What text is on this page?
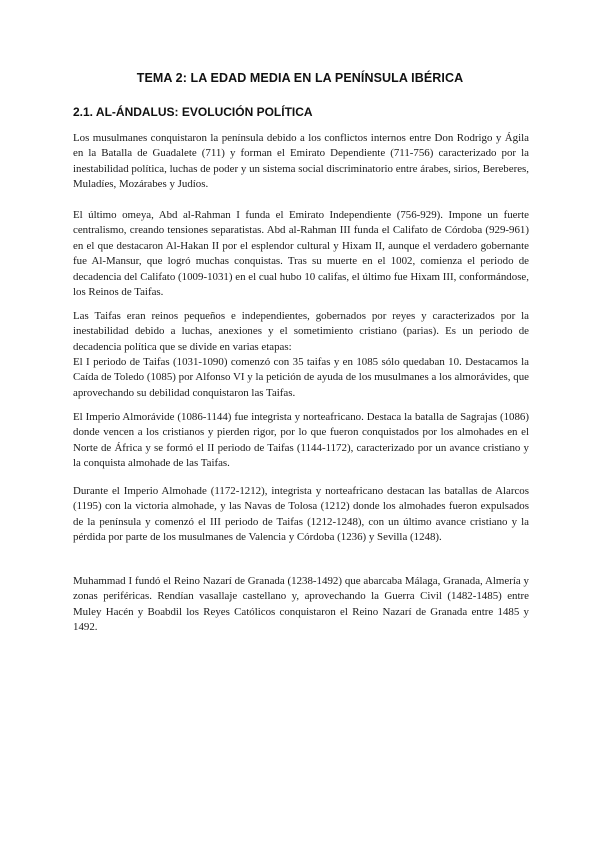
TEMA 2: LA EDAD MEDIA EN LA PENÍNSULA IBÉRICA
2.1. AL-ÁNDALUS: EVOLUCIÓN POLÍTICA

Los musulmanes conquistaron la península debido a los conflictos internos entre Don Rodrigo y Ágila en la Batalla de Guadalete (711) y forman el Emirato Dependiente (711-756) caracterizado por la inestabilidad política, luchas de poder y un sistema social discriminatorio entre árabes, sirios, Bereberes, Muladíes, Mozárabes y Judíos.

El último omeya, Abd al-Rahman I funda el Emirato Independiente (756-929). Impone un fuerte centralismo, creando tensiones separatistas. Abd al-Rahman III funda el Califato de Córdoba (929-961) en el que destacaron Al-Hakan II por el esplendor cultural y Hixam II, aunque el verdadero gobernante fue Al-Mansur, que logró muchas conquistas. Tras su muerte en el 1002, comienza el periodo de decadencia del Califato (1009-1031) en el cual hubo 10 califas, el último fue Hixam III, conformándose, los Reinos de Taifas.

Las Taifas eran reinos pequeños e independientes, gobernados por reyes y caracterizados por la inestabilidad debido a luchas, anexiones y el sometimiento cristiano (parias). Es un periodo de decadencia política que se divide en varias etapas:

El I periodo de Taifas (1031-1090) comenzó con 35 taifas y en 1085 sólo quedaban 10. Destacamos la Caída de Toledo (1085) por Alfonso VI y la petición de ayuda de los musulmanes a los almorávides, que aprovechando su debilidad conquistaron las Taifas.

El Imperio Almorávide (1086-1144) fue integrista y norteafricano. Destaca la batalla de Sagrajas (1086) donde vencen a los cristianos y pierden rigor, por lo que fueron conquistados por los almohades en el Norte de África y se formó el II periodo de Taifas (1144-1172), caracterizado por un avance cristiano y la conquista almohade de las Taifas.

Durante el Imperio Almohade (1172-1212), integrista y norteafricano destacan las batallas de Alarcos (1195) con la victoria almohade, y las Navas de Tolosa (1212) donde los almohades fueron expulsados de la península y comenzó el III periodo de Taifas (1212-1248), con un último avance cristiano y la pérdida por parte de los musulmanes de Valencia y Córdoba (1236) y Sevilla (1248).

Muhammad I fundó el Reino Nazarí de Granada (1238-1492) que abarcaba Málaga, Granada, Almería y zonas periféricas. Rendían vasallaje castellano y, aprovechando la Guerra Civil (1482-1485) entre Muley Hacén y Boabdil los Reyes Católicos conquistaron el Reino Nazarí de Granada entre 1485 y 1492.
